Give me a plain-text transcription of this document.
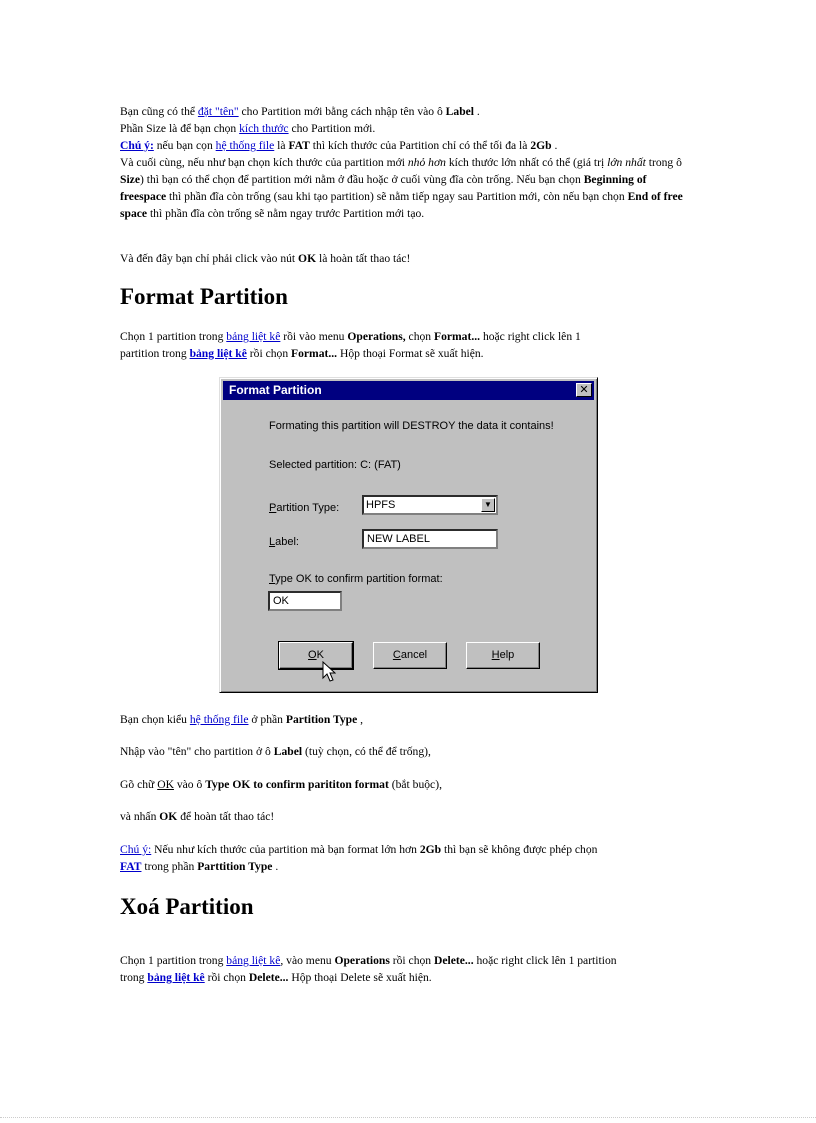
Bạn cũng có thể đặt "tên" cho Partition mới bằng cách nhập tên vào ô Label .
Phần Size là để bạn chọn kích thước cho Partition mới.
Chú ý: nếu bạn cọn hệ thống file là FAT thì kích thước của Partition chỉ có thể tối đa là 2Gb .
Và cuối cùng, nếu như bạn chọn kích thước của partition mới nhỏ hơn kích thước lớn nhất có thể (giá trị lớn nhất trong ô Size) thì bạn có thể chọn để partition mới nằm ở đầu hoặc ở cuối vùng đĩa còn trống. Nếu bạn chọn Beginning of freespace thì phần đĩa còn trống (sau khi tạo partition) sẽ nằm tiếp ngay sau Partition mới, còn nếu bạn chọn End of free space thì phần đĩa còn trống sẽ nằm ngay trước Partition mới tạo.
Và đến đây bạn chỉ phải click vào nút OK là hoàn tất thao tác!
Format Partition
Chọn 1 partition trong bảng liệt kê rồi vào menu Operations, chọn Format... hoặc right click lên 1
partition trong bảng liệt kê rồi chọn Format... Hộp thoại Format sẽ xuất hiện.
Format Partition	✕
Formating this partition will DESTROY the data it contains!
Selected partition: C: (FAT)
Partition Type:	HPFS	▼
Label:	NEW LABEL
Type OK to confirm partition format:
OK
OK	Cancel	Help
Bạn chọn kiểu hệ thống file ở phần Partition Type ,
Nhập vào "tên" cho partition ở ô Label (tuỳ chọn, có thể để trống),
Gõ chữ OK vào ô Type OK to confirm parititon format (bắt buộc),
và nhấn OK để hoàn tất thao tác!
Chú ý: Nếu như kích thước của partition mà bạn format lớn hơn 2Gb thì bạn sẽ không được phép chọn
FAT trong phần Parttition Type .
Xoá Partition
Chọn 1 partition trong bảng liệt kê, vào menu Operations rồi chọn Delete... hoặc right click lên 1 partition
trong bảng liệt kê rồi chọn Delete... Hộp thoại Delete sẽ xuất hiện.
